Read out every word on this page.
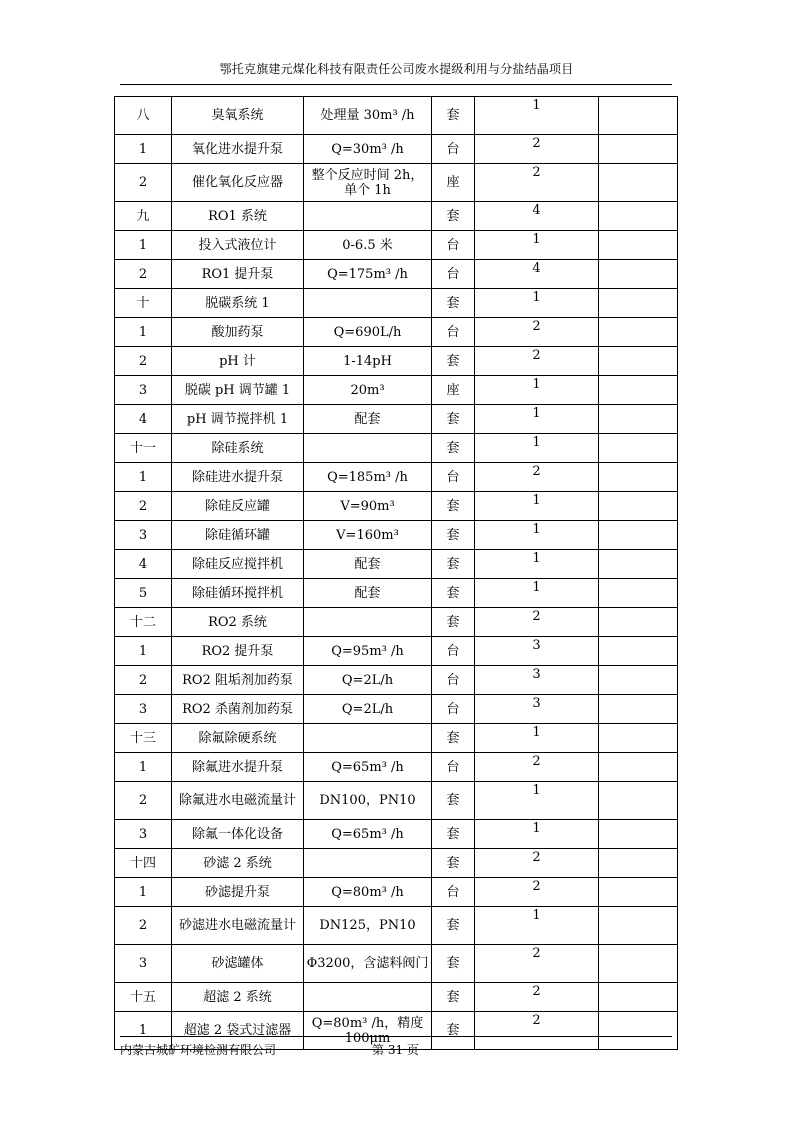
鄂托克旗建元煤化科技有限责任公司废水提级利用与分盐结晶项目
八	臭氧系统	处理量 30m³ /h	套	1	
1	氧化进水提升泵	Q=30m³ /h	台	2	
2	催化氧化反应器	整个反应时间 2h，单个 1h	座	2	
九	RO1 系统		套	4	
1	投入式液位计	0-6.5 米	台	1	
2	RO1 提升泵	Q=175m³ /h	台	4	
十	脱碳系统 1		套	1	
1	酸加药泵	Q=690L/h	台	2	
2	pH 计	1-14pH	套	2	
3	脱碳 pH 调节罐 1	20m³	座	1	
4	pH 调节搅拌机 1	配套	套	1	
十一	除硅系统		套	1	
1	除硅进水提升泵	Q=185m³ /h	台	2	
2	除硅反应罐	V=90m³	套	1	
3	除硅循环罐	V=160m³	套	1	
4	除硅反应搅拌机	配套	套	1	
5	除硅循环搅拌机	配套	套	1	
十二	RO2 系统		套	2	
1	RO2 提升泵	Q=95m³ /h	台	3	
2	RO2 阻垢剂加药泵	Q=2L/h	台	3	
3	RO2 杀菌剂加药泵	Q=2L/h	台	3	
十三	除氟除硬系统		套	1	
1	除氟进水提升泵	Q=65m³ /h	台	2	
2	除氟进水电磁流量计	DN100，PN10	套	1	
3	除氟一体化设备	Q=65m³ /h	套	1	
十四	砂滤 2 系统		套	2	
1	砂滤提升泵	Q=80m³ /h	台	2	
2	砂滤进水电磁流量计	DN125，PN10	套	1	
3	砂滤罐体	Φ3200，含滤料阀门	套	2	
十五	超滤 2 系统		套	2	
1	超滤 2 袋式过滤器	Q=80m³ /h，精度 100μm	套	2	
内蒙古城矿环境检测有限公司	第 31 页
